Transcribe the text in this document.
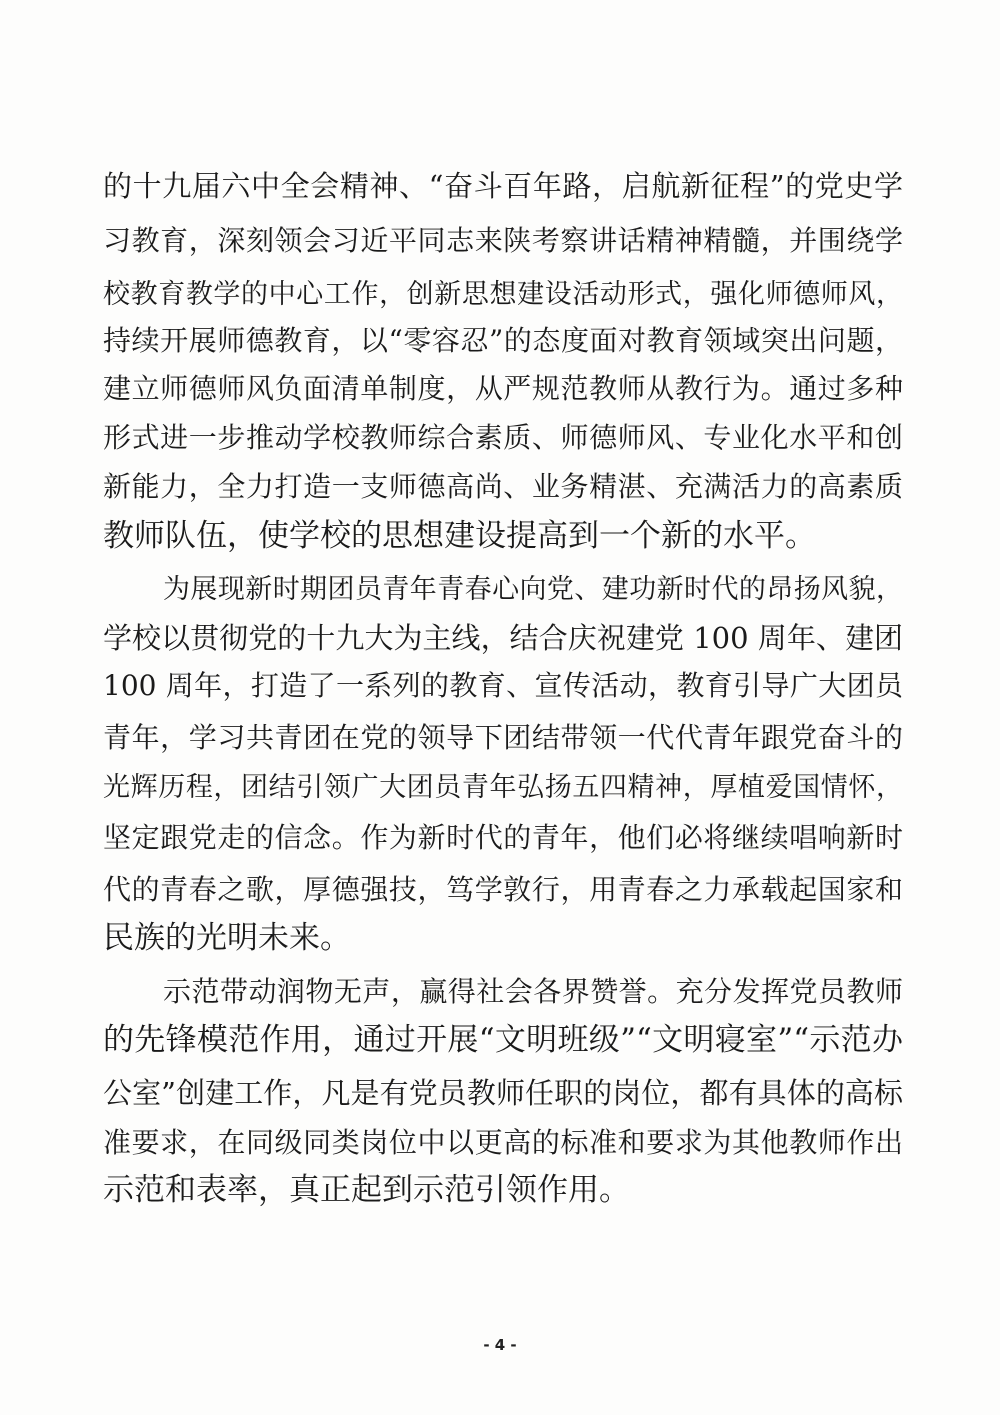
的十九届六中全会精神、“奋斗百年路，启航新征程”的党史学
习教育，深刻领会习近平同志来陕考察讲话精神精髓，并围绕学
校教育教学的中心工作，创新思想建设活动形式，强化师德师风，
持续开展师德教育，以“零容忍”的态度面对教育领域突出问题，
建立师德师风负面清单制度，从严规范教师从教行为。通过多种
形式进一步推动学校教师综合素质、师德师风、专业化水平和创
新能力，全力打造一支师德高尚、业务精湛、充满活力的高素质
教师队伍，使学校的思想建设提高到一个新的水平。
为展现新时期团员青年青春心向党、建功新时代的昂扬风貌，
学校以贯彻党的十九大为主线，结合庆祝建党 100 周年、建团
100 周年，打造了一系列的教育、宣传活动，教育引导广大团员
青年，学习共青团在党的领导下团结带领一代代青年跟党奋斗的
光辉历程，团结引领广大团员青年弘扬五四精神，厚植爱国情怀，
坚定跟党走的信念。作为新时代的青年，他们必将继续唱响新时
代的青春之歌，厚德强技，笃学敦行，用青春之力承载起国家和
民族的光明未来。
示范带动润物无声，赢得社会各界赞誉。充分发挥党员教师
的先锋模范作用，通过开展“文明班级”“文明寝室”“示范办
公室”创建工作，凡是有党员教师任职的岗位，都有具体的高标
准要求，在同级同类岗位中以更高的标准和要求为其他教师作出
示范和表率，真正起到示范引领作用。
- 4 -
